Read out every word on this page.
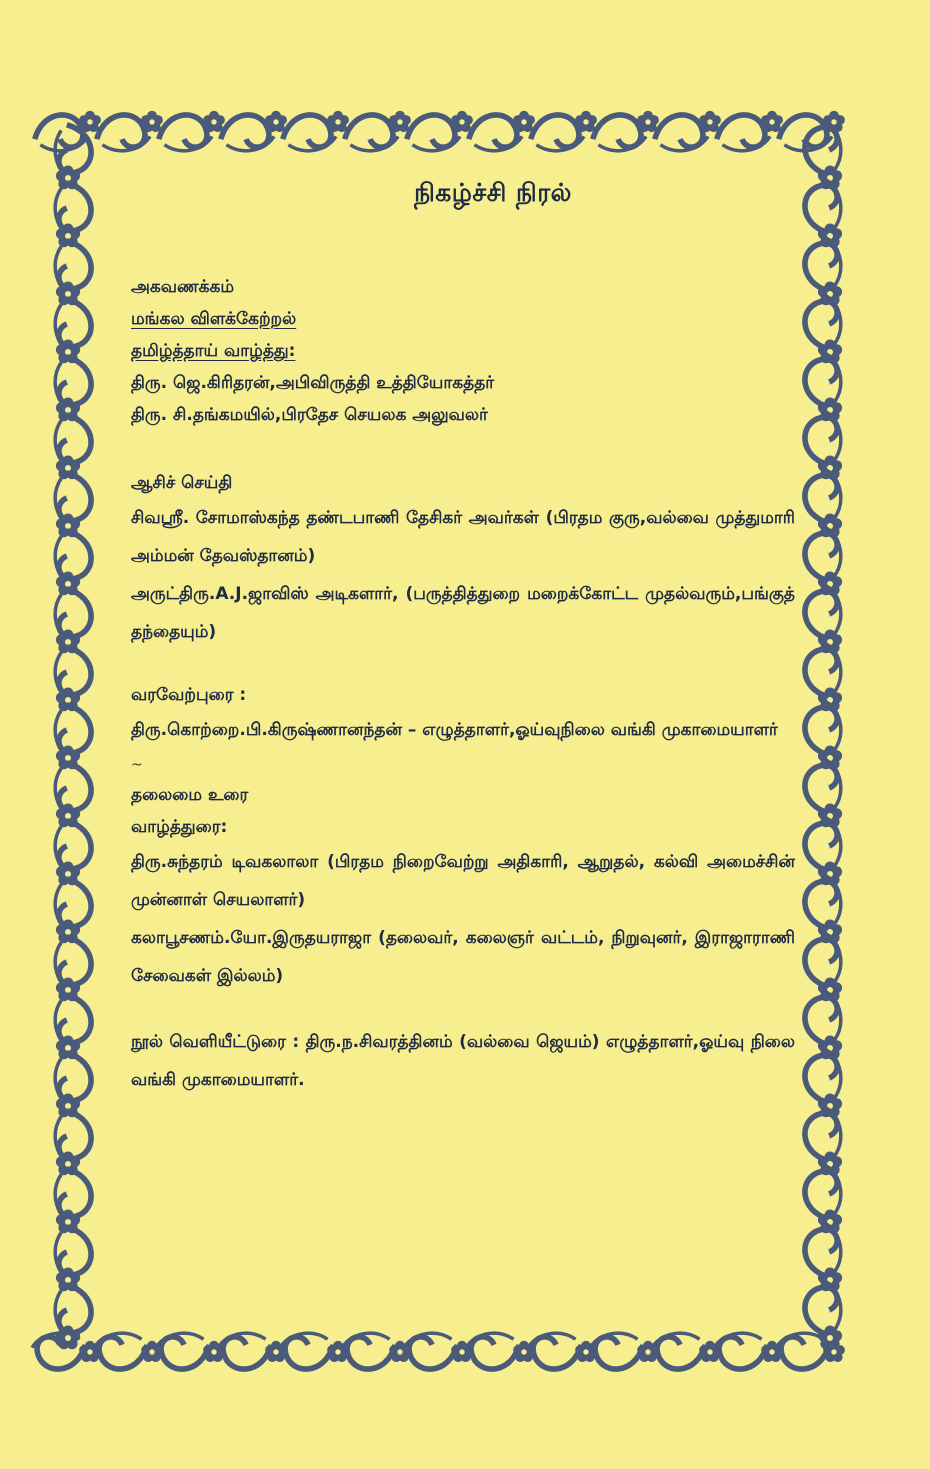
நிகழ்ச்சி நிரல்

அகவணக்கம்

மங்கல விளக்கேற்றல்

தமிழ்த்தாய் வாழ்த்து:

திரு. ஜெ.கிரிதரன்,அபிவிருத்தி உத்தியோகத்தர்

திரு. சி.தங்கமயில்,பிரதேச செயலக அலுவலர்

ஆசிச் செய்தி

சிவஸ்ரீ. சோமாஸ்கந்த தண்டபாணி தேசிகர் அவர்கள் (பிரதம குரு,வல்வை முத்துமாரி அம்மன் தேவஸ்தானம்)

அருட்திரு.A.J.ஜாவிஸ் அடிகளார், (பருத்தித்துறை மறைக்கோட்ட முதல்வரும்,பங்குத் தந்தையும்)

வரவேற்புரை :

திரு.கொற்றை.பி.கிருஷ்ணானந்தன் – எழுத்தாளர்,ஓய்வுநிலை வங்கி முகாமையாளர்

~

தலைமை உரை

வாழ்த்துரை:

திரு.சுந்தரம் டிவகலாலா (பிரதம நிறைவேற்று அதிகாரி, ஆறுதல், கல்வி அமைச்சின் முன்னாள் செயலாளர்)

கலாபூசணம்.யோ.இருதயராஜா (தலைவர், கலைஞர் வட்டம், நிறுவுனர், இராஜாராணி சேவைகள் இல்லம்)

நூல் வெளியீட்டுரை : திரு.ந.சிவரத்தினம் (வல்வை ஜெயம்) எழுத்தாளர்,ஓய்வு நிலை வங்கி முகாமையாளர்.
